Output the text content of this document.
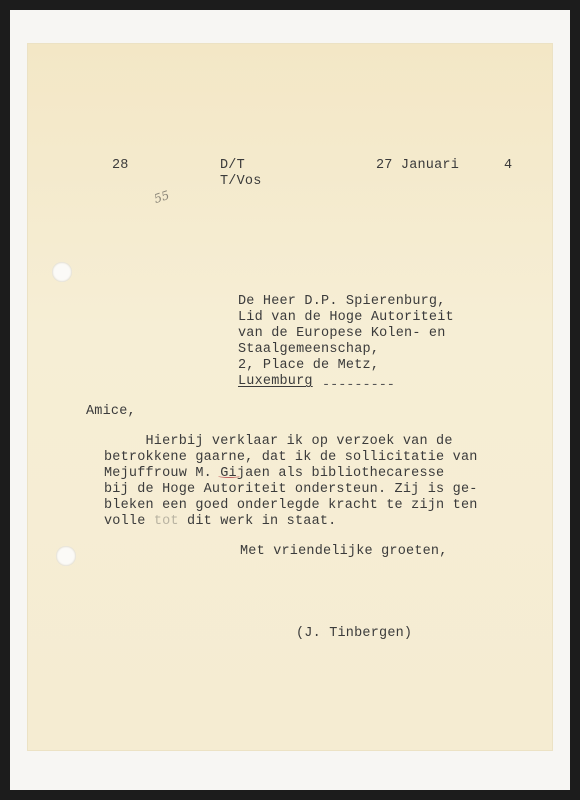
28	D/T
T/Vos
27 Januari	4
55
De Heer D.P. Spierenburg,
Lid van de Hoge Autoriteit
van de Europese Kolen- en
Staalgemeenschap,
2, Place de Metz,
Luxemburg ---------
Amice,
Hierbij verklaar ik op verzoek van de
betrokkene gaarne, dat ik de sollicitatie van
Mejuffrouw M. Gijaen als bibliothecaresse
bij de Hoge Autoriteit ondersteun. Zij is ge-
bleken een goed onderlegde kracht te zijn ten
volle tot dit werk in staat.
Met vriendelijke groeten,
(J. Tinbergen)
